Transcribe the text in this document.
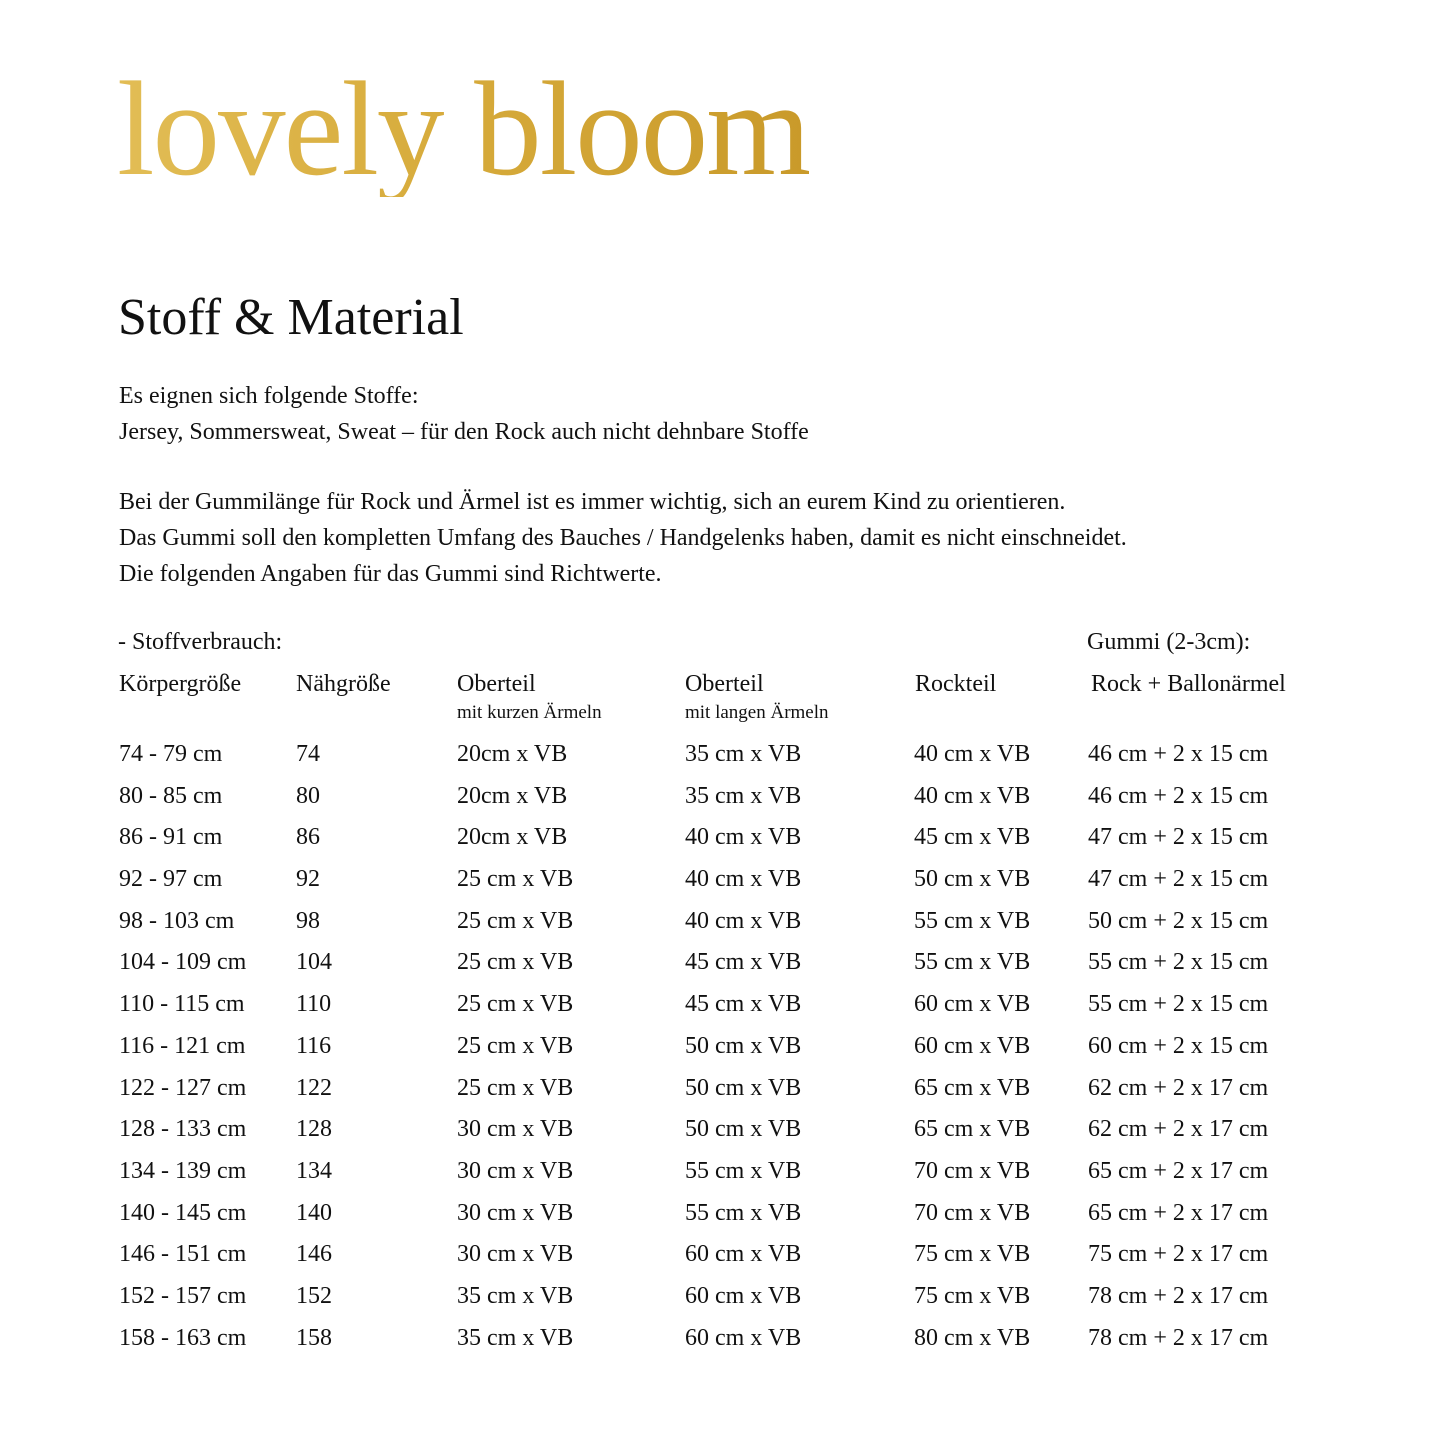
lovely bloom
Stoff & Material
Es eignen sich folgende Stoffe:
Jersey, Sommersweat, Sweat – für den Rock auch nicht dehnbare Stoffe
Bei der Gummilänge für Rock und Ärmel ist es immer wichtig, sich an eurem Kind zu orientieren.
Das Gummi soll den kompletten Umfang des Bauches / Handgelenks haben, damit es nicht einschneidet.
Die folgenden Angaben für das Gummi sind Richtwerte.
- Stoffverbrauch:	Gummi (2-3cm):
Körpergröße Nähgröße	Oberteil
mit kurzen Ärmeln
Oberteil
mit langen Ärmeln
Rockteil	Rock + Ballonärmel
74 - 79 cm	74	20cm x VB	35 cm x VB	40 cm x VB 46 cm + 2 x 15 cm
80 - 85 cm	80	20cm x VB	35 cm x VB	40 cm x VB 46 cm + 2 x 15 cm
86 - 91 cm	86	20cm x VB	40 cm x VB	45 cm x VB 47 cm + 2 x 15 cm
92 - 97 cm	92	25 cm x VB	40 cm x VB	50 cm x VB 47 cm + 2 x 15 cm
98 - 103 cm	98	25 cm x VB	40 cm x VB	55 cm x VB 50 cm + 2 x 15 cm
104 - 109 cm 104	25 cm x VB	45 cm x VB	55 cm x VB 55 cm + 2 x 15 cm
110 - 115 cm 110	25 cm x VB	45 cm x VB	60 cm x VB 55 cm + 2 x 15 cm
116 - 121 cm 116	25 cm x VB	50 cm x VB	60 cm x VB 60 cm + 2 x 15 cm
122 - 127 cm 122	25 cm x VB	50 cm x VB	65 cm x VB 62 cm + 2 x 17 cm
128 - 133 cm 128	30 cm x VB	50 cm x VB	65 cm x VB 62 cm + 2 x 17 cm
134 - 139 cm 134	30 cm x VB	55 cm x VB	70 cm x VB 65 cm + 2 x 17 cm
140 - 145 cm 140	30 cm x VB	55 cm x VB	70 cm x VB 65 cm + 2 x 17 cm
146 - 151 cm 146	30 cm x VB	60 cm x VB	75 cm x VB 75 cm + 2 x 17 cm
152 - 157 cm 152	35 cm x VB	60 cm x VB	75 cm x VB 78 cm + 2 x 17 cm
158 - 163 cm 158	35 cm x VB	60 cm x VB	80 cm x VB 78 cm + 2 x 17 cm
